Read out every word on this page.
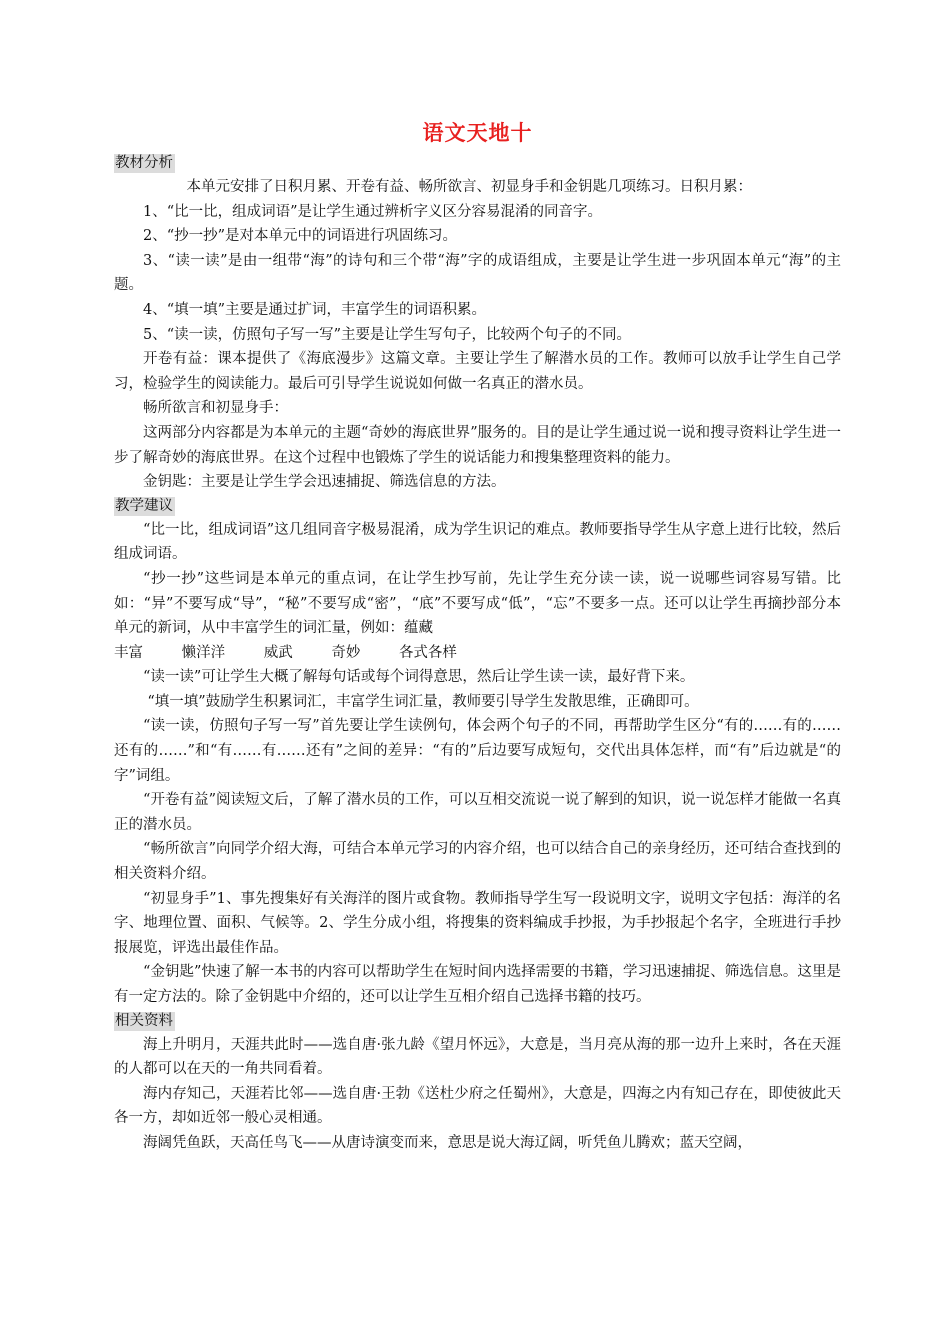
语文天地十
教材分析

本单元安排了日积月累、开卷有益、畅所欲言、初显身手和金钥匙几项练习。日积月累：

1、“比一比，组成词语”是让学生通过辨析字义区分容易混淆的同音字。

2、“抄一抄”是对本单元中的词语进行巩固练习。

3、“读一读”是由一组带“海”的诗句和三个带“海”字的成语组成，主要是让学生进一步巩固本单元“海”的主题。

4、“填一填”主要是通过扩词，丰富学生的词语积累。

5、“读一读，仿照句子写一写”主要是让学生写句子，比较两个句子的不同。

开卷有益：课本提供了《海底漫步》这篇文章。主要让学生了解潜水员的工作。教师可以放手让学生自己学习，检验学生的阅读能力。最后可引导学生说说如何做一名真正的潜水员。

畅所欲言和初显身手：

这两部分内容都是为本单元的主题“奇妙的海底世界”服务的。目的是让学生通过说一说和搜寻资料让学生进一步了解奇妙的海底世界。在这个过程中也锻炼了学生的说话能力和搜集整理资料的能力。

金钥匙：主要是让学生学会迅速捕捉、筛选信息的方法。

教学建议

“比一比，组成词语”这几组同音字极易混淆，成为学生识记的难点。教师要指导学生从字意上进行比较，然后组成词语。

“抄一抄”这些词是本单元的重点词，在让学生抄写前，先让学生充分读一读，说一说哪些词容易写错。比如：“异”不要写成“导”，“秘”不要写成“密”，“底”不要写成“低”，“忘”不要多一点。还可以让学生再摘抄部分本单元的新词，从中丰富学生的词汇量，例如：蕴藏

丰富	懒洋洋	威武	奇妙	各式各样

“读一读”可让学生大概了解每句话或每个词得意思，然后让学生读一读，最好背下来。

“填一填”鼓励学生积累词汇，丰富学生词汇量，教师要引导学生发散思维，正确即可。

“读一读，仿照句子写一写”首先要让学生读例句，体会两个句子的不同，再帮助学生区分“有的……有的……还有的……”和“有……有……还有”之间的差异：“有的”后边要写成短句，交代出具体怎样，而“有”后边就是“的字”词组。

“开卷有益”阅读短文后，了解了潜水员的工作，可以互相交流说一说了解到的知识，说一说怎样才能做一名真正的潜水员。

“畅所欲言”向同学介绍大海，可结合本单元学习的内容介绍，也可以结合自己的亲身经历，还可结合查找到的相关资料介绍。

“初显身手”1、事先搜集好有关海洋的图片或食物。教师指导学生写一段说明文字，说明文字包括：海洋的名字、地理位置、面积、气候等。2、学生分成小组，将搜集的资料编成手抄报，为手抄报起个名字，全班进行手抄报展览，评选出最佳作品。

“金钥匙”快速了解一本书的内容可以帮助学生在短时间内选择需要的书籍，学习迅速捕捉、筛选信息。这里是有一定方法的。除了金钥匙中介绍的，还可以让学生互相介绍自己选择书籍的技巧。

相关资料

海上升明月，天涯共此时——选自唐·张九龄《望月怀远》，大意是，当月亮从海的那一边升上来时，各在天涯的人都可以在天的一角共同看着。

海内存知己，天涯若比邻——选自唐·王勃《送杜少府之任蜀州》，大意是，四海之内有知己存在，即使彼此天各一方，却如近邻一般心灵相通。

海阔凭鱼跃，天高任鸟飞——从唐诗演变而来，意思是说大海辽阔，听凭鱼儿腾欢；蓝天空阔，
